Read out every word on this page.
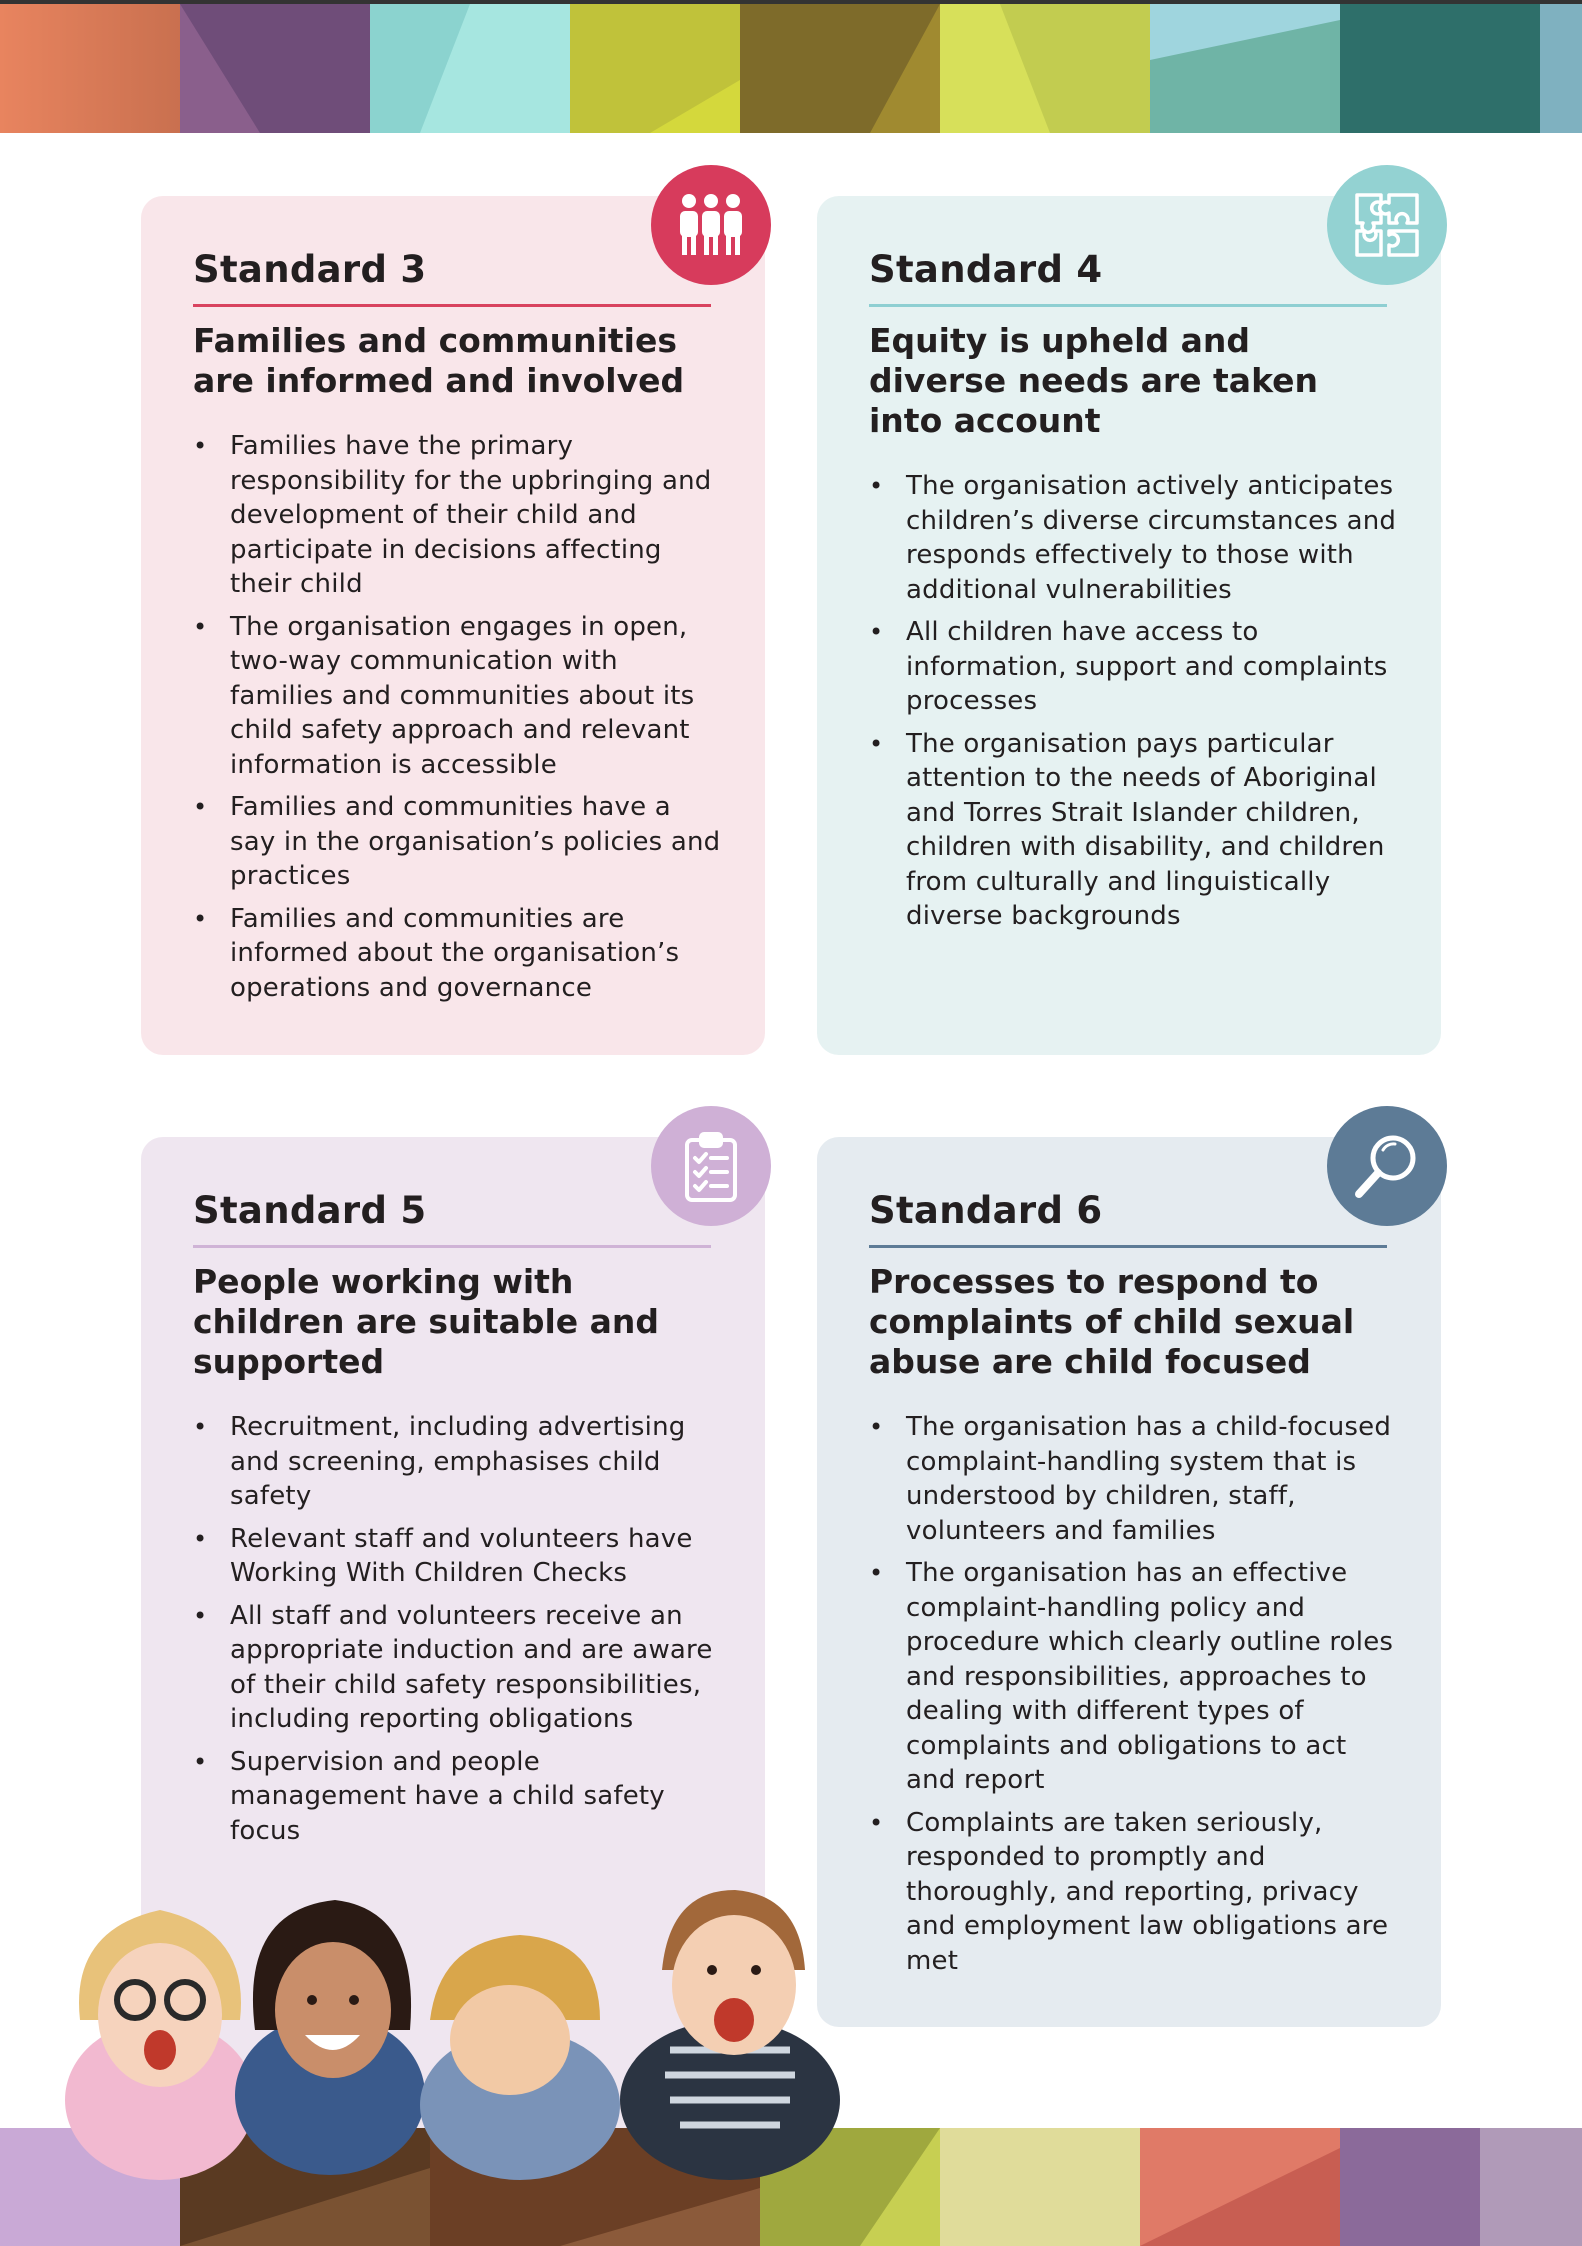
Standard 3
Families and communities are informed and involved
• Families have the primary responsibility for the upbringing and development of their child and participate in decisions affecting their child
• The organisation engages in open, two-way communication with families and communities about its child safety approach and relevant information is accessible
• Families and communities have a say in the organisation’s policies and practices
• Families and communities are informed about the organisation’s operations and governance
Standard 4
Equity is upheld and diverse needs are taken into account
• The organisation actively anticipates children’s diverse circumstances and responds effectively to those with additional vulnerabilities
• All children have access to information, support and complaints processes
• The organisation pays particular attention to the needs of Aboriginal and Torres Strait Islander children, children with disability, and children from culturally and linguistically diverse backgrounds
Standard 5
People working with children are suitable and supported
• Recruitment, including advertising and screening, emphasises child safety
• Relevant staff and volunteers have Working With Children Checks
• All staff and volunteers receive an appropriate induction and are aware of their child safety responsibilities, including reporting obligations
• Supervision and people management have a child safety focus
Standard 6
Processes to respond to complaints of child sexual abuse are child focused
• The organisation has a child-focused complaint-handling system that is understood by children, staff, volunteers and families
• The organisation has an effective complaint-handling policy and procedure which clearly outline roles and responsibilities, approaches to dealing with different types of complaints and obligations to act and report
• Complaints are taken seriously, responded to promptly and thoroughly, and reporting, privacy and employment law obligations are met
